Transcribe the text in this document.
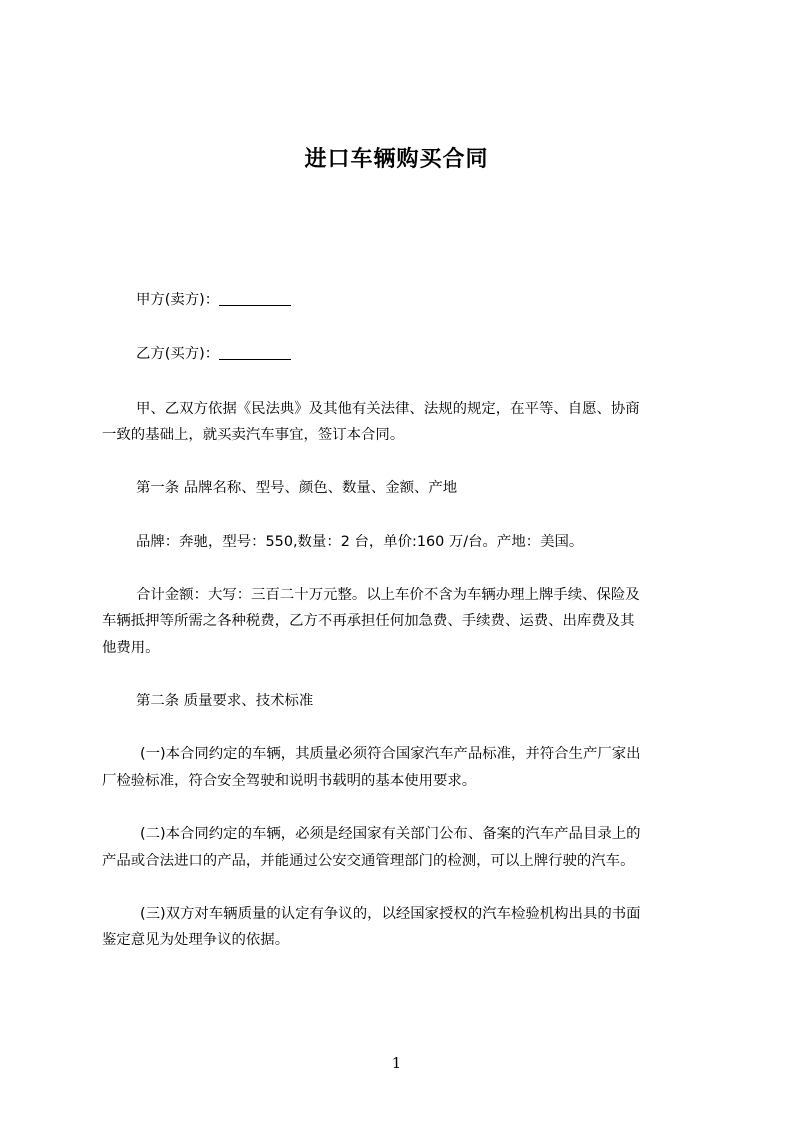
进口车辆购买合同
甲方(卖方)：
乙方(买方)：
甲、乙双方依据《民法典》及其他有关法律、法规的规定，在平等、自愿、协商
一致的基础上，就买卖汽车事宜，签订本合同。
第一条 品牌名称、型号、颜色、数量、金额、产地
品牌：奔驰，型号：550,数量：2 台，单价:160 万/台。产地：美国。
合计金额：大写：三百二十万元整。以上车价不含为车辆办理上牌手续、保险及
车辆抵押等所需之各种税费，乙方不再承担任何加急费、手续费、运费、出库费及其
他费用。
第二条 质量要求、技术标准
(一)本合同约定的车辆，其质量必须符合国家汽车产品标准，并符合生产厂家出
厂检验标准，符合安全驾驶和说明书载明的基本使用要求。
(二)本合同约定的车辆，必须是经国家有关部门公布、备案的汽车产品目录上的
产品或合法进口的产品，并能通过公安交通管理部门的检测，可以上牌行驶的汽车。
(三)双方对车辆质量的认定有争议的，以经国家授权的汽车检验机构出具的书面
鉴定意见为处理争议的依据。
1
